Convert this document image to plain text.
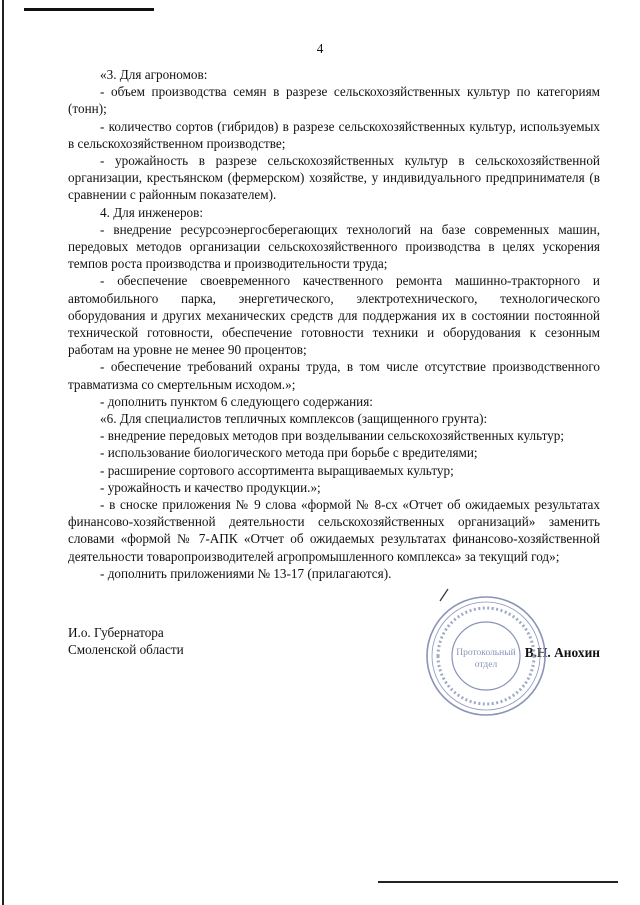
4

«3. Для агрономов:

- объем производства семян в разрезе сельскохозяйственных культур по категориям (тонн);

- количество сортов (гибридов) в разрезе сельскохозяйственных культур, используемых в сельскохозяйственном производстве;

- урожайность в разрезе сельскохозяйственных культур в сельскохозяйственной организации, крестьянском (фермерском) хозяйстве, у индивидуального предпринимателя (в сравнении с районным показателем).

4. Для инженеров:

- внедрение ресурсоэнергосберегающих технологий на базе современных машин, передовых методов организации сельскохозяйственного производства в целях ускорения темпов роста производства и производительности труда;

- обеспечение своевременного качественного ремонта машинно-тракторного и автомобильного парка, энергетического, электротехнического, технологического оборудования и других механических средств для поддержания их в состоянии постоянной технической готовности, обеспечение готовности техники и оборудования к сезонным работам на уровне не менее 90 процентов;

- обеспечение требований охраны труда, в том числе отсутствие производственного травматизма со смертельным исходом.»;

- дополнить пунктом 6 следующего содержания:

«6. Для специалистов тепличных комплексов (защищенного грунта):

- внедрение передовых методов при возделывании сельскохозяйственных культур;

- использование биологического метода при борьбе с вредителями;

- расширение сортового ассортимента выращиваемых культур;

- урожайность и качество продукции.»;

- в сноске приложения № 9 слова «формой № 8-сх «Отчет об ожидаемых результатах финансово-хозяйственной деятельности сельскохозяйственных организаций» заменить словами «формой № 7-АПК «Отчет об ожидаемых результатах финансово-хозяйственной деятельности товаропроизводителей агропромышленного комплекса» за текущий год»;

- дополнить приложениями № 13-17 (прилагаются).

И.о. Губернатора

Смоленской области	В.Н. Анохин
Протокольный
отдел
